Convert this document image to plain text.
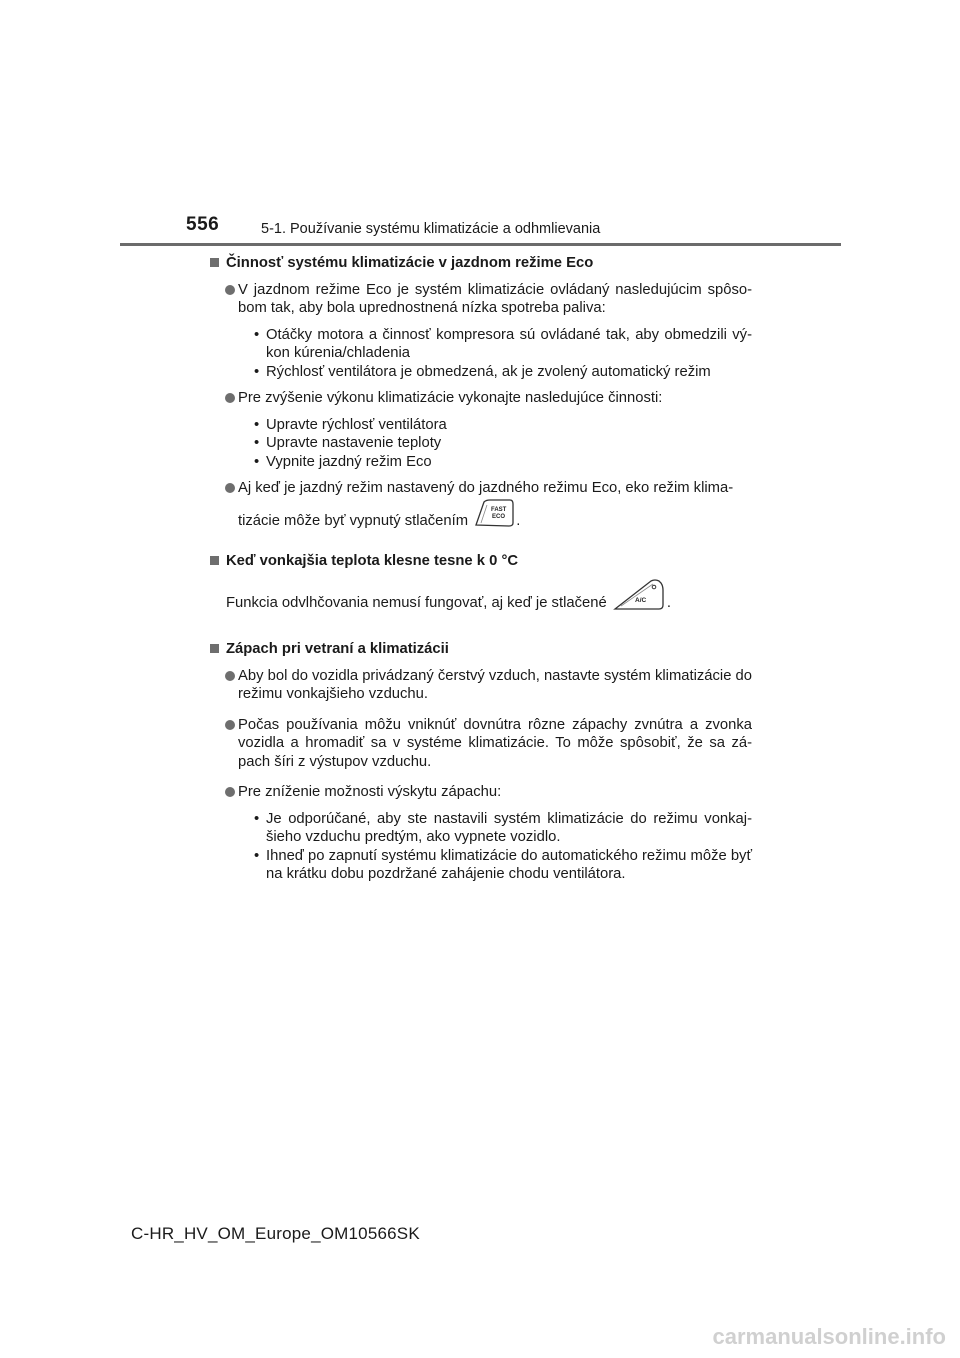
556	5-1. Používanie systému klimatizácie a odhmlievania
Činnosť systému klimatizácie v jazdnom režime Eco
V jazdnom režime Eco je systém klimatizácie ovládaný nasledujúcim spôso-bom tak, aby bola uprednostnená nízka spotreba paliva:
• Otáčky motora a činnosť kompresora sú ovládané tak, aby obmedzili vý-kon kúrenia/chladenia
• Rýchlosť ventilátora je obmedzená, ak je zvolený automatický režim
Pre zvýšenie výkonu klimatizácie vykonajte nasledujúce činnosti:
• Upravte rýchlosť ventilátora
• Upravte nastavenie teploty
• Vypnite jazdný režim Eco
Aj keď je jazdný režim nastavený do jazdného režimu Eco, eko režim klima-
tizácie môže byť vypnutý stlačením
FAST
ECO .
Keď vonkajšia teplota klesne tesne k 0 °C
Funkcia odvlhčovania nemusí fungovať, aj keď je stlačené	A/C .
Zápach pri vetraní a klimatizácii
Aby bol do vozidla privádzaný čerstvý vzduch, nastavte systém klimatizácie do režimu vonkajšieho vzduchu.
Počas používania môžu vniknúť dovnútra rôzne zápachy zvnútra a zvonka vozidla a hromadiť sa v systéme klimatizácie. To môže spôsobiť, že sa zá-pach šíri z výstupov vzduchu.
Pre zníženie možnosti výskytu zápachu:
• Je odporúčané, aby ste nastavili systém klimatizácie do režimu vonkaj-šieho vzduchu predtým, ako vypnete vozidlo.
• Ihneď po zapnutí systému klimatizácie do automatického režimu môže byť na krátku dobu pozdržané zahájenie chodu ventilátora.
C-HR_HV_OM_Europe_OM10566SK
carmanualsonline.info
